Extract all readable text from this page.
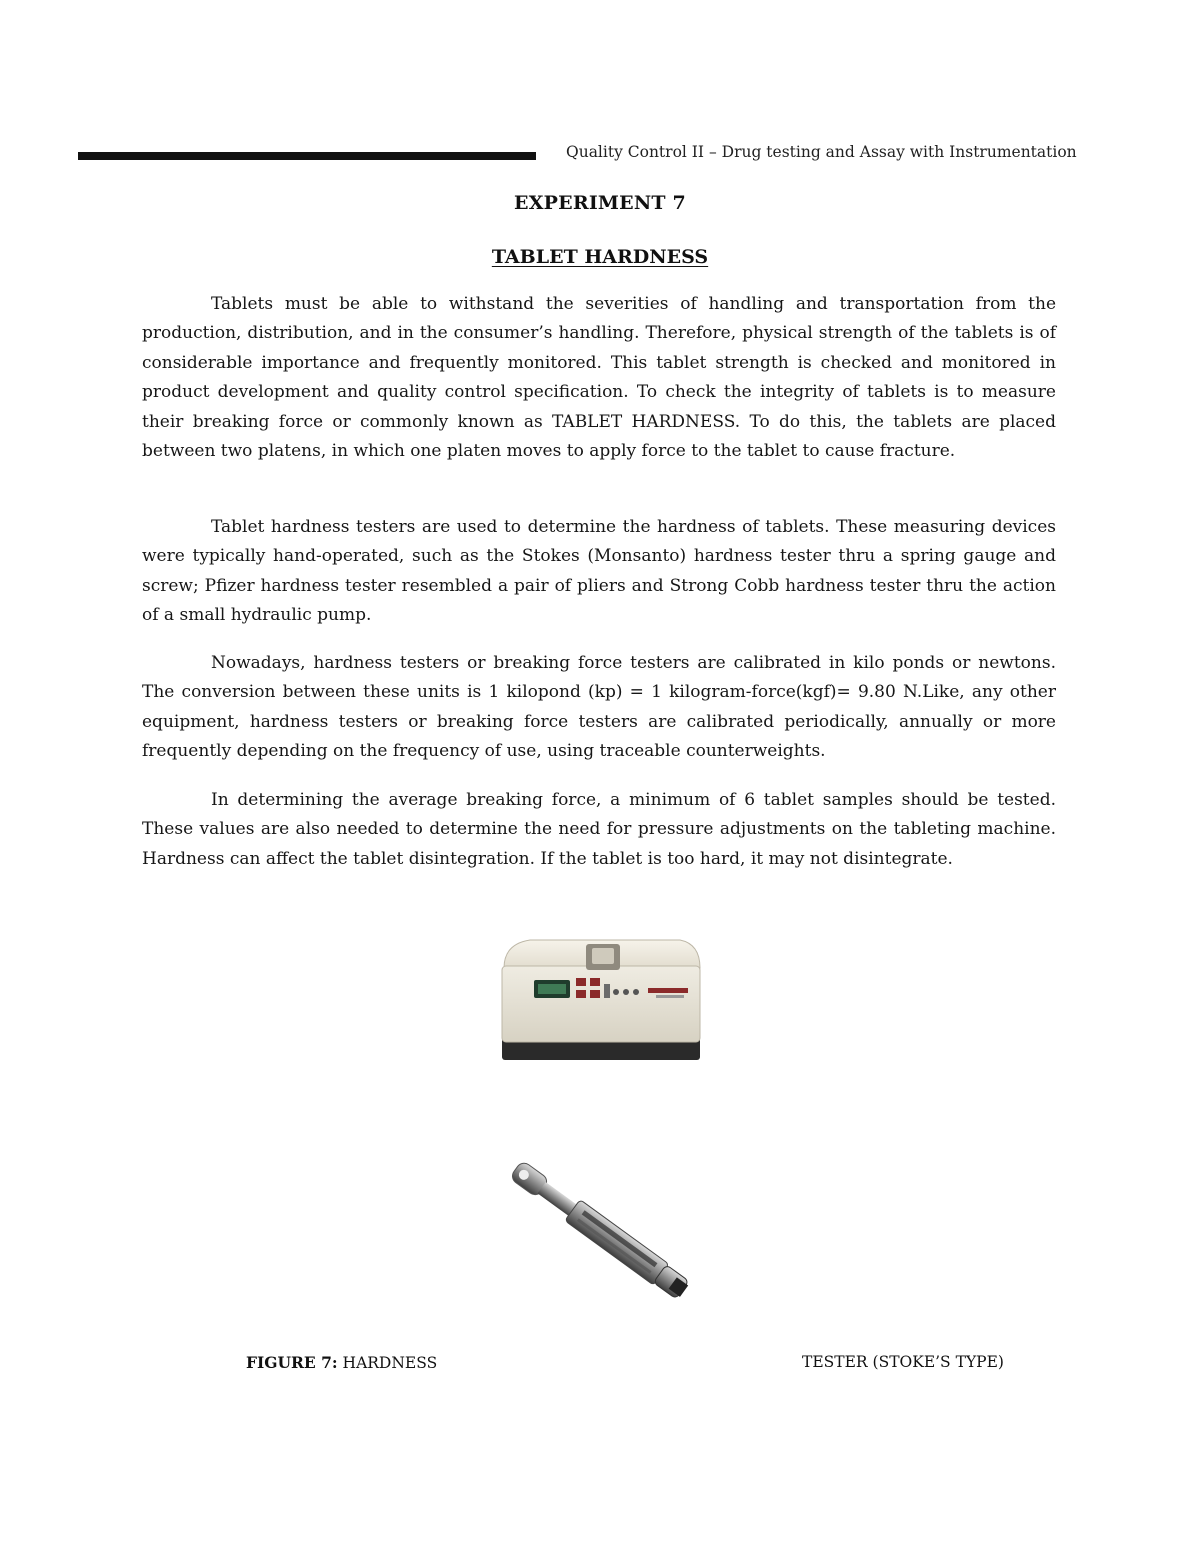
Quality Control II – Drug testing and Assay with Instrumentation
EXPERIMENT 7
TABLET HARDNESS

Tablets must be able to withstand the severities of handling and transportation from the production, distribution, and in the consumer’s handling. Therefore, physical strength of the tablets is of considerable importance and frequently monitored. This tablet strength is checked and monitored in product development and quality control specification. To check the integrity of tablets is to measure their breaking force or commonly known as TABLET HARDNESS. To do this, the tablets are placed between two platens, in which one platen moves to apply force to the tablet to cause fracture.

Tablet hardness testers are used to determine the hardness of tablets. These measuring devices were typically hand-operated, such as the Stokes (Monsanto) hardness tester thru a spring gauge and screw; Pfizer hardness tester resembled a pair of pliers and Strong Cobb hardness tester thru the action of a small hydraulic pump.

Nowadays, hardness testers or breaking force testers are calibrated in kilo ponds or newtons. The conversion between these units is 1 kilopond (kp) = 1 kilogram-force(kgf)= 9.80 N.Like, any other equipment, hardness testers or breaking force testers are calibrated periodically, annually or more frequently depending on the frequency of use, using traceable counterweights.

In determining the average breaking force, a minimum of 6 tablet samples should be tested. These values are also needed to determine the need for pressure adjustments on the tableting machine. Hardness can affect the tablet disintegration. If the tablet is too hard, it may not disintegrate.

FIGURE 7: HARDNESS	TESTER (STOKE’S TYPE)
